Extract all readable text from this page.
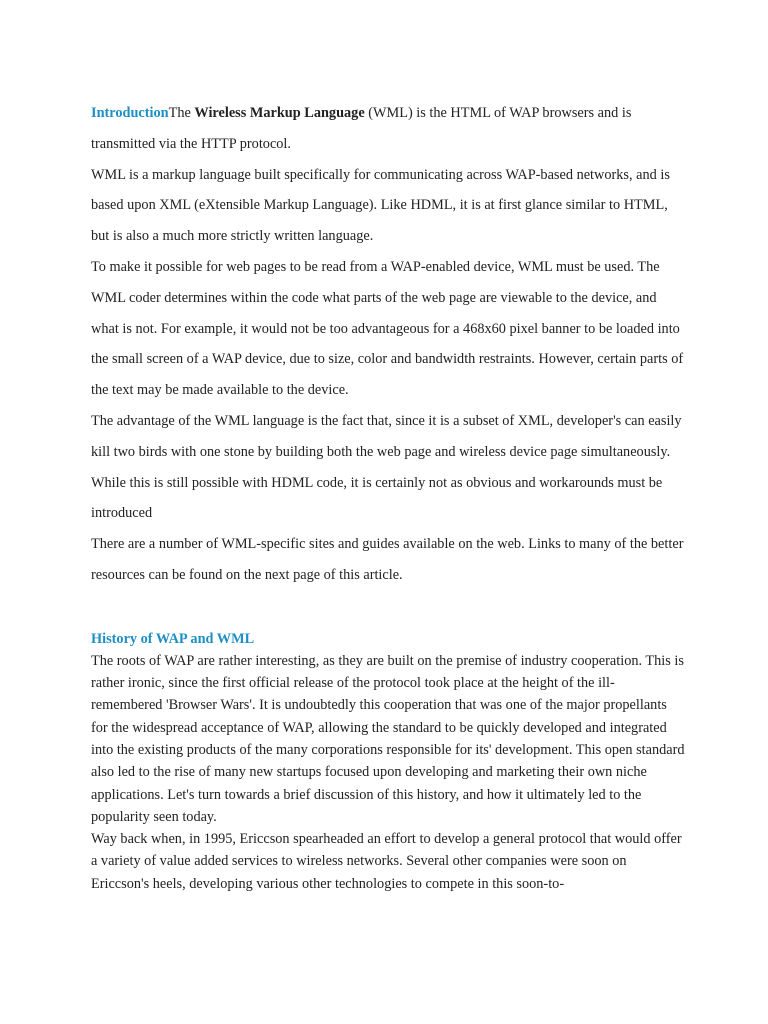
IntroductionThe Wireless Markup Language (WML) is the HTML of WAP browsers and is transmitted via the HTTP protocol.

WML is a markup language built specifically for communicating across WAP-based networks, and is based upon XML (eXtensible Markup Language). Like HDML, it is at first glance similar to HTML, but is also a much more strictly written language.

To make it possible for web pages to be read from a WAP-enabled device, WML must be used. The WML coder determines within the code what parts of the web page are viewable to the device, and what is not. For example, it would not be too advantageous for a 468x60 pixel banner to be loaded into the small screen of a WAP device, due to size, color and bandwidth restraints. However, certain parts of the text may be made available to the device.

The advantage of the WML language is the fact that, since it is a subset of XML, developer's can easily kill two birds with one stone by building both the web page and wireless device page simultaneously. While this is still possible with HDML code, it is certainly not as obvious and workarounds must be introduced

There are a number of WML-specific sites and guides available on the web. Links to many of the better resources can be found on the next page of this article.

History of WAP and WML

The roots of WAP are rather interesting, as they are built on the premise of industry cooperation. This is rather ironic, since the first official release of the protocol took place at the height of the ill-remembered 'Browser Wars'. It is undoubtedly this cooperation that was one of the major propellants for the widespread acceptance of WAP, allowing the standard to be quickly developed and integrated into the existing products of the many corporations responsible for its' development. This open standard also led to the rise of many new startups focused upon developing and marketing their own niche applications. Let's turn towards a brief discussion of this history, and how it ultimately led to the popularity seen today.

Way back when, in 1995, Ericcson spearheaded an effort to develop a general protocol that would offer a variety of value added services to wireless networks. Several other companies were soon on Ericcson's heels, developing various other technologies to compete in this soon-to-
